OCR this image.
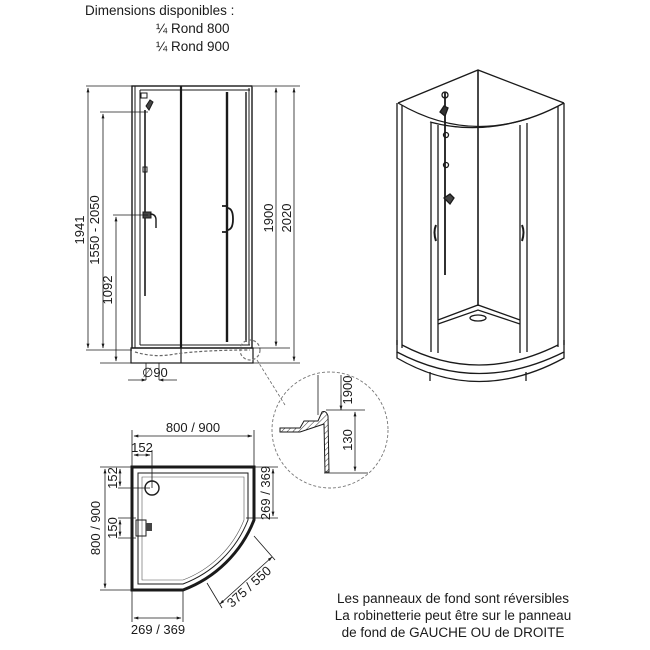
Dimensions disponibles :
¼ Rond 800
¼ Rond 900
1941 1550 - 2050
1092
1900 2020
∅90
1900
130
800 / 900
152
152
800 / 900 150
269 / 369
269 / 369
375 / 550	Les panneaux de fond sont réversibles
La robinetterie peut être sur le panneau
de fond de GAUCHE OU de DROITE
